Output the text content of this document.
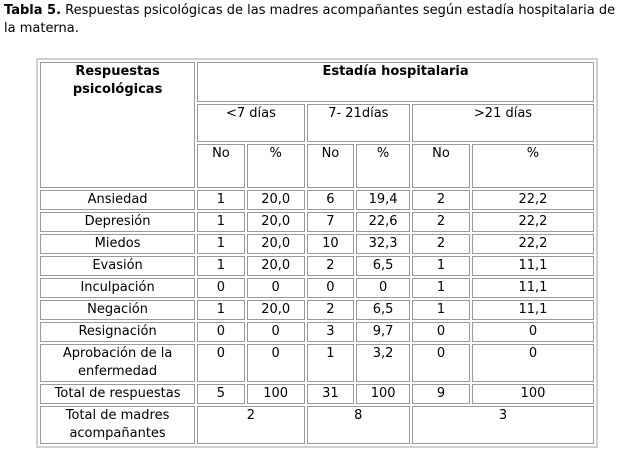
Tabla 5. Respuestas psicológicas de las madres acompañantes según estadía hospitalaria de la materna.
Respuestas psicológicas	Estadía hospitalaria					
	<7 días		7- 21días		>21 días	
	No	%	No	%	No	%
Ansiedad	1	20,0	6	19,4	2	22,2
Depresión	1	20,0	7	22,6	2	22,2
Miedos	1	20,0	10	32,3	2	22,2
Evasión	1	20,0	2	6,5	1	11,1
Inculpación	0	0	0	0	1	11,1
Negación	1	20,0	2	6,5	1	11,1
Resignación	0	0	3	9,7	0	0
Aprobación de la enfermedad	0	0	1	3,2	0	0
Total de respuestas	5	100	31	100	9	100
Total de madres acompañantes	2		8		3	
